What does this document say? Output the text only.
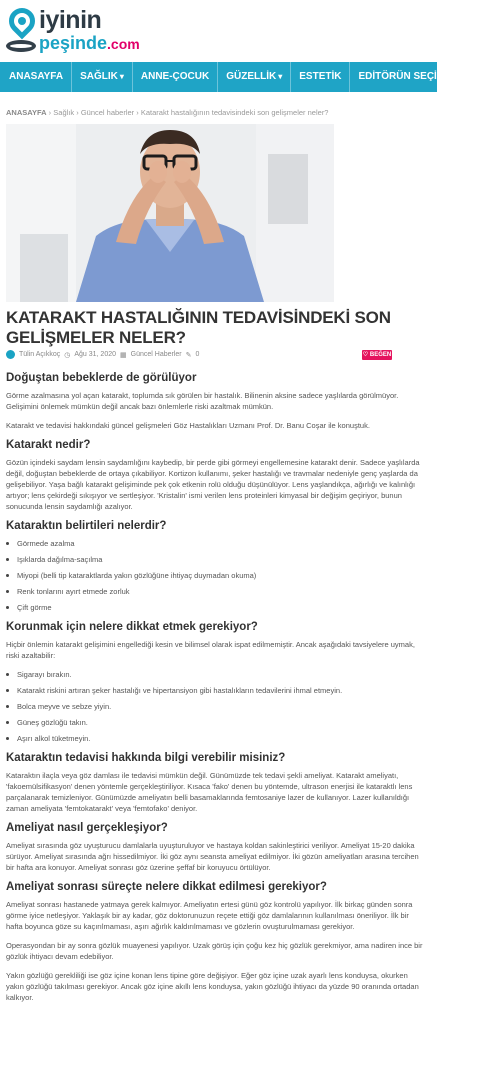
iyinin
peşinde.com
ANASAYFA	SAĞLIK ▾	ANNE-ÇOCUK	GÜZELLİK ▾	ESTETİK	EDİTÖRÜN SEÇİMİ	SPA
ANASAYFA › Sağlık › Güncel haberler › Katarakt hastalığının tedavisindeki son gelişmeler neler?
KATARAKT HASTALIĞININ TEDAVİSİNDEKİ SON GELİŞMELER NELER?
Tülin Açıkkoç ◷ Ağu 31, 2020 ▦ Güncel Haberler ✎ 0	♡ BEĞEN
Doğuştan bebeklerde de görülüyor

Görme azalmasına yol açan katarakt, toplumda sık görülen bir hastalık. Bilinenin aksine sadece yaşlılarda görülmüyor. Gelişimini önlemek mümkün değil ancak bazı önlemlerle riski azaltmak mümkün.

Katarakt ve tedavisi hakkındaki güncel gelişmeleri Göz Hastalıkları Uzmanı Prof. Dr. Banu Coşar ile konuştuk.

Katarakt nedir?

Gözün içindeki saydam lensin saydamlığını kaybedip, bir perde gibi görmeyi engellemesine katarakt denir. Sadece yaşlılarda değil, doğuştan bebeklerde de ortaya çıkabiliyor. Kortizon kullanımı, şeker hastalığı ve travmalar nedeniyle genç yaşlarda da gelişebiliyor. Yaşa bağlı katarakt gelişiminde pek çok etkenin rolü olduğu düşünülüyor. Lens yaşlandıkça, ağırlığı ve kalınlığı artıyor; lens çekirdeği sıkışıyor ve sertleşiyor. 'Kristalin' ismi verilen lens proteinleri kimyasal bir değişim geçiriyor, bunun sonucunda lensin saydamlığı azalıyor.

Kataraktın belirtileri nelerdir?
Görmede azalma
Işıklarda dağılma-saçılma
Miyopi (belli tip kataraktlarda yakın gözlüğüne ihtiyaç duymadan okuma)
Renk tonlarını ayırt etmede zorluk
Çift görme
Korunmak için nelere dikkat etmek gerekiyor?

Hiçbir önlemin katarakt gelişimini engellediği kesin ve bilimsel olarak ispat edilmemiştir. Ancak aşağıdaki tavsiyelere uymak, riski azaltabilir:

Sigarayı bırakın.
Katarakt riskini artıran şeker hastalığı ve hipertansiyon gibi hastalıkların tedavilerini ihmal etmeyin.
Bolca meyve ve sebze yiyin.
Güneş gözlüğü takın.
Aşırı alkol tüketmeyin.
Kataraktın tedavisi hakkında bilgi verebilir misiniz?

Kataraktın ilaçla veya göz damlası ile tedavisi mümkün değil. Günümüzde tek tedavi şekli ameliyat. Katarakt ameliyatı, 'fakoemülsifikasyon' denen yöntemle gerçekleştiriliyor. Kısaca 'fako' denen bu yöntemde, ultrason enerjisi ile kataraktlı lens parçalanarak temizleniyor. Günümüzde ameliyatın belli basamaklarında femtosaniye lazer de kullanıyor. Lazer kullanıldığı zaman ameliyata 'femtokatarakt' veya 'femtofako' deniyor.

Ameliyat nasıl gerçekleşiyor?

Ameliyat sırasında göz uyuşturucu damlalarla uyuşturuluyor ve hastaya koldan sakinleştirici veriliyor. Ameliyat 15-20 dakika sürüyor. Ameliyat sırasında ağrı hissedilmiyor. İki göz aynı seansta ameliyat edilmiyor. İki gözün ameliyatları arasına tercihen bir hafta ara konuyor. Ameliyat sonrası göz üzerine şeffaf bir koruyucu örtülüyor.

Ameliyat sonrası süreçte nelere dikkat edilmesi gerekiyor?

Ameliyat sonrası hastanede yatmaya gerek kalmıyor. Ameliyatın ertesi günü göz kontrolü yapılıyor. İlk birkaç günden sonra görme iyice netleşiyor. Yaklaşık bir ay kadar, göz doktorunuzun reçete ettiği göz damlalarının kullanılması öneriliyor. İlk bir hafta boyunca göze su kaçırılmaması, aşırı ağırlık kaldırılmaması ve gözlerin ovuşturulmaması gerekiyor.

Operasyondan bir ay sonra gözlük muayenesi yapılıyor. Uzak görüş için çoğu kez hiç gözlük gerekmiyor, ama nadiren ince bir gözlük ihtiyacı devam edebiliyor.

Yakın gözlüğü gerekliliği ise göz içine konan lens tipine göre değişiyor. Eğer göz içine uzak ayarlı lens konduysa, okurken yakın gözlüğü takılması gerekiyor. Ancak göz içine akıllı lens konduysa, yakın gözlüğü ihtiyacı da yüzde 90 oranında ortadan kalkıyor.
